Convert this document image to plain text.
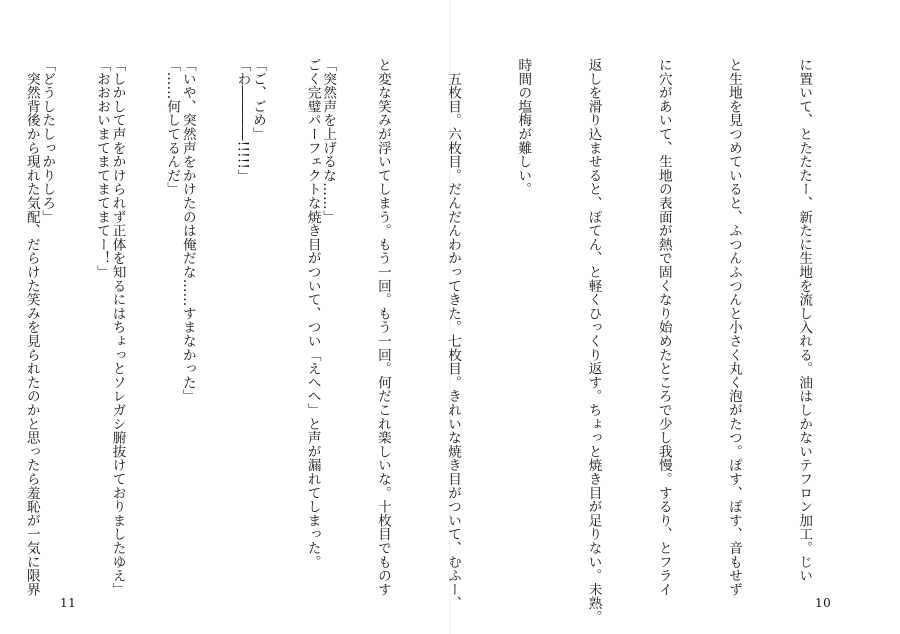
「突然声を上げるな……」

「ご、ごめ」

「いや、突然声をかけたのは俺だな……すまなかった」

「しかして声をかけられず正体を知るにはちょっとソレガシ腑抜けておりましたゆえ」

「どうしたしっかりしろ」

11

に置いて、とたたたー、新たに生地を流し入れる。油はしかないテフロン加工。じい

と生地を見つめていると、ふつんふつんと小さく丸く泡がたつ。ぽす、ぽす、音もせず

に穴があいて、生地の表面が熱で固くなり始めたところで少し我慢。するり、とフライ

返しを滑り込ませると、ぽてん、と軽くひっくり返す。ちょっと焼き目が足りない。未熟。

時間の塩梅が難しい。

　五枚目。六枚目。だんだんわかってきた。七枚目。きれいな焼き目がついて、むふー、

と変な笑みが浮いてしまう。もう一回。もう一回。何だこれ楽しいな。十枚目でものす

ごく完璧パーフェクトな焼き目がついて、つい「えへへ」と声が漏れてしまった。

「わ――――!!!!!」

「……何してるんだ」

「おおおいまてまてまてまてー！」

　突然背後から現れた気配、だらけた笑みを見られたのかと思ったら羞恥が一気に限界

10
